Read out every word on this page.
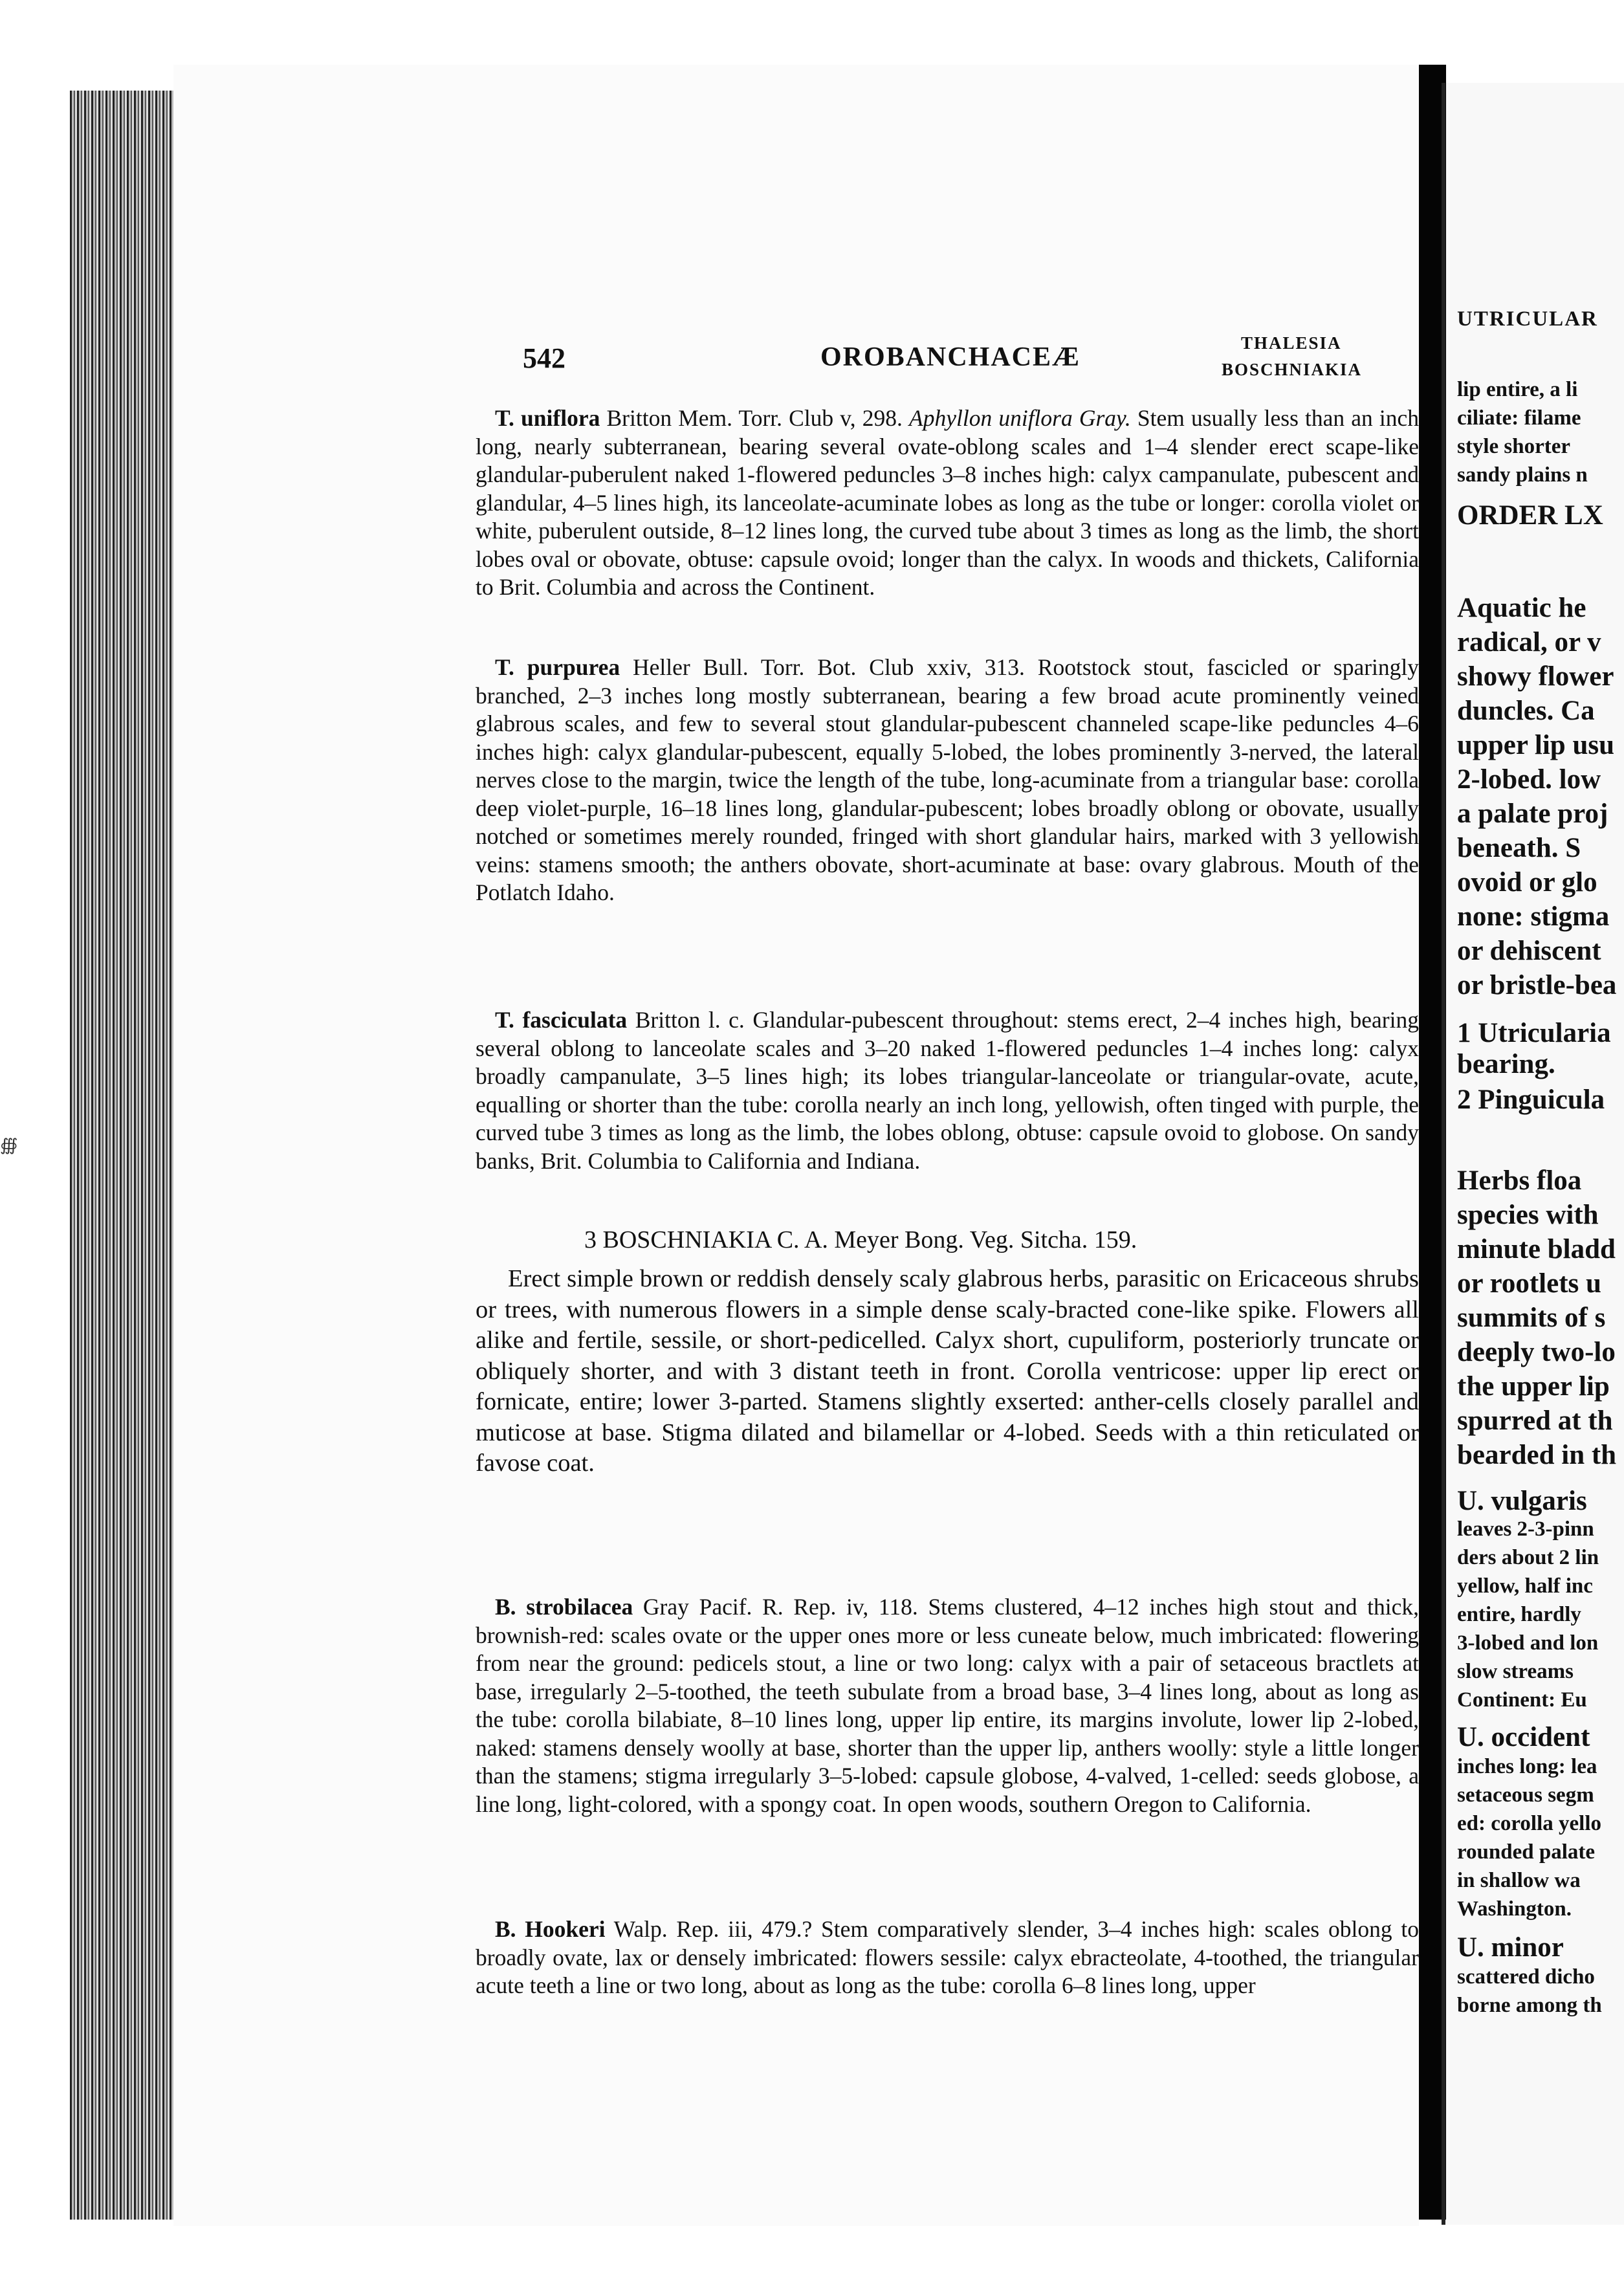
∰
542	OROBANCHACEÆ	THALESIA
BOSCHNIAKIA

T. uniflora Britton Mem. Torr. Club v, 298. Aphyllon uniflora Gray. Stem usually less than an inch long, nearly subterranean, bearing several ovate-oblong scales and 1–4 slender erect scape-like glandular-puberulent naked 1-flowered peduncles 3–8 inches high: calyx campanulate, pubescent and glandular, 4–5 lines high, its lanceolate-acuminate lobes as long as the tube or longer: corolla violet or white, puberulent outside, 8–12 lines long, the curved tube about 3 times as long as the limb, the short lobes oval or obovate, obtuse: capsule ovoid; longer than the calyx. In woods and thickets, California to Brit. Columbia and across the Continent.

T. purpurea Heller Bull. Torr. Bot. Club xxiv, 313. Rootstock stout, fascicled or sparingly branched, 2–3 inches long mostly subterranean, bearing a few broad acute prominently veined glabrous scales, and few to several stout glandular-pubescent channeled scape-like peduncles 4–6 inches high: calyx glandular-pubescent, equally 5-lobed, the lobes prominently 3-nerved, the lateral nerves close to the margin, twice the length of the tube, long-acuminate from a triangular base: corolla deep violet-purple, 16–18 lines long, glandular-pubescent; lobes broadly oblong or obovate, usually notched or sometimes merely rounded, fringed with short glandular hairs, marked with 3 yellowish veins: stamens smooth; the anthers obovate, short-acuminate at base: ovary glabrous. Mouth of the Potlatch Idaho.

T. fasciculata Britton l. c. Glandular-pubescent throughout: stems erect, 2–4 inches high, bearing several oblong to lanceolate scales and 3–20 naked 1-flowered peduncles 1–4 inches long: calyx broadly campanulate, 3–5 lines high; its lobes triangular-lanceolate or triangular-ovate, acute, equalling or shorter than the tube: corolla nearly an inch long, yellowish, often tinged with purple, the curved tube 3 times as long as the limb, the lobes oblong, obtuse: capsule ovoid to globose. On sandy banks, Brit. Columbia to California and Indiana.

3 BOSCHNIAKIA C. A. Meyer Bong. Veg. Sitcha. 159.

Erect simple brown or reddish densely scaly glabrous herbs, parasitic on Ericaceous shrubs or trees, with numerous flowers in a simple dense scaly-bracted cone-like spike. Flowers all alike and fertile, sessile, or short-pedicelled. Calyx short, cupuliform, posteriorly truncate or obliquely shorter, and with 3 distant teeth in front. Corolla ventricose: upper lip erect or fornicate, entire; lower 3-parted. Stamens slightly exserted: anther-cells closely parallel and muticose at base. Stigma dilated and bilamellar or 4-lobed. Seeds with a thin reticulated or favose coat.

B. strobilacea Gray Pacif. R. Rep. iv, 118. Stems clustered, 4–12 inches high stout and thick, brownish-red: scales ovate or the upper ones more or less cuneate below, much imbricated: flowering from near the ground: pedicels stout, a line or two long: calyx with a pair of setaceous bractlets at base, irregularly 2–5-toothed, the teeth subulate from a broad base, 3–4 lines long, about as long as the tube: corolla bilabiate, 8–10 lines long, upper lip entire, its margins involute, lower lip 2-lobed, naked: stamens densely woolly at base, shorter than the upper lip, anthers woolly: style a little longer than the stamens; stigma irregularly 3–5-lobed: capsule globose, 4-valved, 1-celled: seeds globose, a line long, light-colored, with a spongy coat. In open woods, southern Oregon to California.

B. Hookeri Walp. Rep. iii, 479.? Stem comparatively slender, 3–4 inches high: scales oblong to broadly ovate, lax or densely imbricated: flowers sessile: calyx ebracteolate, 4-toothed, the triangular acute teeth a line or two long, about as long as the tube: corolla 6–8 lines long, upper

UTRICULAR
lip entire, a li
ciliate: filame
style shorter
sandy plains n
ORDER LX
Aquatic he
radical, or v
showy flower
duncles. Ca
upper lip usu
2-lobed. low
a palate proj
beneath. S
ovoid or glo
none: stigma
or dehiscent
or bristle-bea
1 Utricularia
bearing.
2 Pinguicula
Herbs floa
species with
minute bladd
or rootlets u
summits of s
deeply two-lo
the upper lip
spurred at th
bearded in th
U. vulgaris
leaves 2-3-pinn
ders about 2 lin
yellow, half inc
entire, hardly
3-lobed and lon
slow streams
Continent: Eu
U. occident
inches long: lea
setaceous segm
ed: corolla yello
rounded palate
in shallow wa
Washington.
U. minor
scattered dicho
borne among th
